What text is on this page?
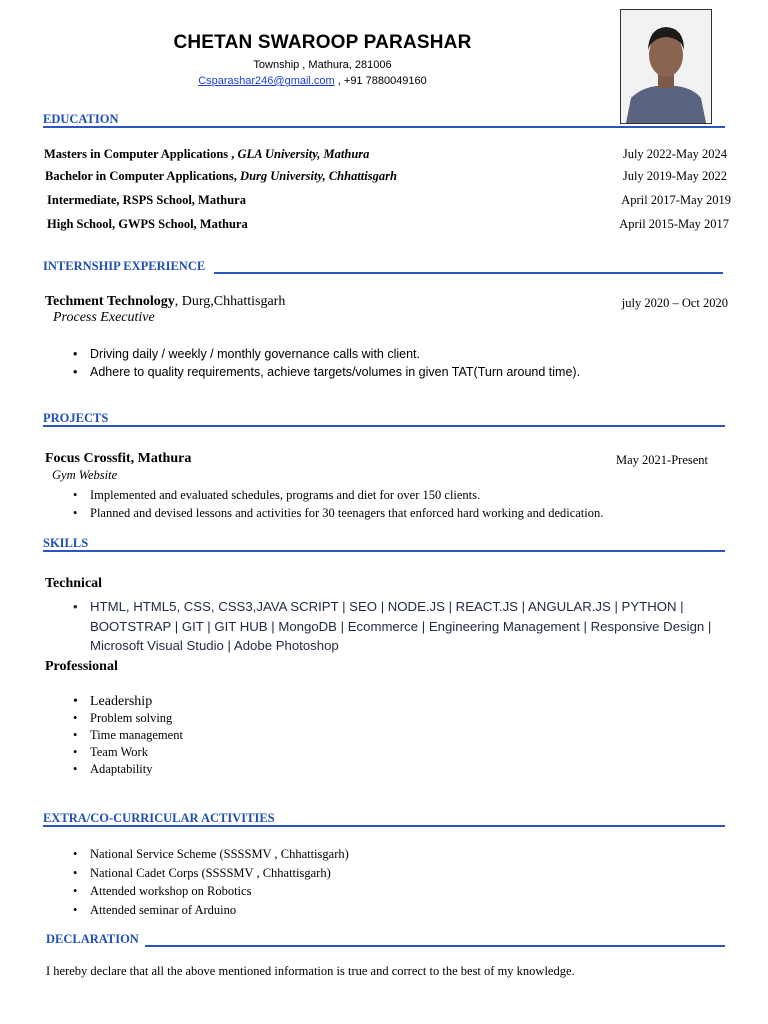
CHETAN SWAROOP PARASHAR
Township , Mathura, 281006
Csparashar246@gmail.com , +91 7880049160
EDUCATION
Masters in Computer Applications , GLA University, Mathura	July 2022-May 2024
Bachelor in Computer Applications, Durg University, Chhattisgarh	July 2019-May 2022
Intermediate, RSPS School, Mathura	April 2017-May 2019
High School, GWPS School, Mathura	April 2015-May 2017
INTERNSHIP EXPERIENCE
Techment Technology, Durg,Chhattisgarh	july 2020 – Oct 2020
Process Executive
• Driving daily / weekly / monthly governance calls with client.
• Adhere to quality requirements, achieve targets/volumes in given TAT(Turn around time).
PROJECTS
Focus Crossfit, Mathura	May 2021-Present
Gym Website
• Implemented and evaluated schedules, programs and diet for over 150 clients.
• Planned and devised lessons and activities for 30 teenagers that enforced hard working and dedication.
SKILLS
Technical
• HTML, HTML5, CSS, CSS3,JAVA SCRIPT | SEO | NODE.JS | REACT.JS | ANGULAR.JS | PYTHON | BOOTSTRAP | GIT | GIT HUB | MongoDB | Ecommerce | Engineering Management | Responsive Design | Microsoft Visual Studio | Adobe Photoshop
Professional
• Leadership
• Problem solving
• Time management
• Team Work
• Adaptability
EXTRA/CO-CURRICULAR ACTIVITIES
• National Service Scheme (SSSSMV , Chhattisgarh)
• National Cadet Corps (SSSSMV , Chhattisgarh)
• Attended workshop on Robotics
• Attended seminar of Arduino
DECLARATION
I hereby declare that all the above mentioned information is true and correct to the best of my knowledge.
